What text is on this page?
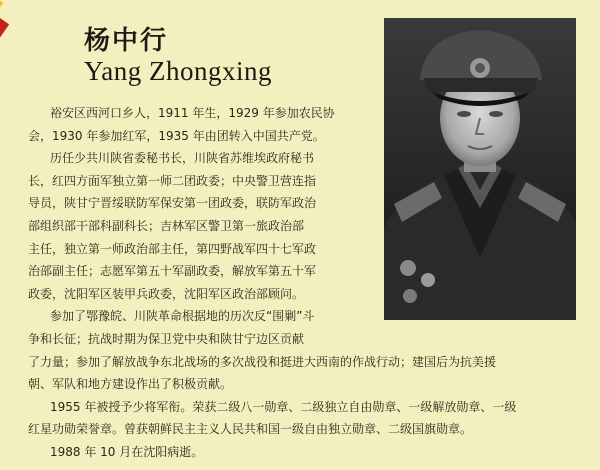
杨中行
Yang Zhongxing

裕安区西河口乡人，1911 年生，1929 年参加农民协
会，1930 年参加红军，1935 年由团转入中国共产党。

历任少共川陕省委秘书长，川陕省苏维埃政府秘书
长，红四方面军独立第一师二团政委；中央警卫营连指
导员，陕甘宁晋绥联防军保安第一团政委，联防军政治
部组织部干部科副科长；吉林军区警卫第一旅政治部
主任，独立第一师政治部主任，第四野战军四十七军政
治部副主任；志愿军第五十军副政委，解放军第五十军
政委，沈阳军区装甲兵政委，沈阳军区政治部顾问。

参加了鄂豫皖、川陕革命根据地的历次反“围剿”斗
争和长征；抗战时期为保卫党中央和陕甘宁边区贡献
了力量；参加了解放战争东北战场的多次战役和挺进大西南的作战行动；建国后为抗美援
朝、军队和地方建设作出了积极贡献。

1955 年被授予少将军衔。荣获二级八一勋章、二级独立自由勋章、一级解放勋章、一级
红星功勋荣誉章。曾获朝鲜民主主义人民共和国一级自由独立勋章、二级国旗勋章。

1988 年 10 月在沈阳病逝。
